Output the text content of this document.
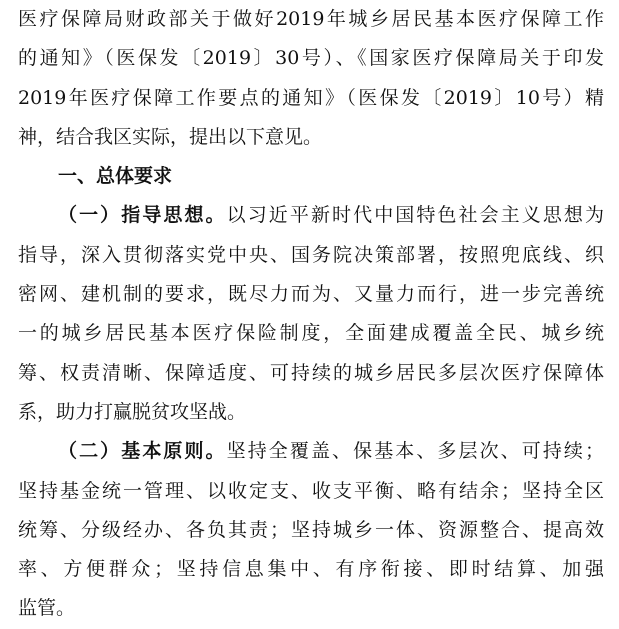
医疗保障局财政部关于做好2019年城乡居民基本医疗保障工作
的通知》（医保发〔2019〕30号）、《国家医疗保障局关于印发
2019年医疗保障工作要点的通知》（医保发〔2019〕10号）精
神，结合我区实际，提出以下意见。
一、总体要求
（一）指导思想。以习近平新时代中国特色社会主义思想为
指导，深入贯彻落实党中央、国务院决策部署，按照兜底线、织
密网、建机制的要求，既尽力而为、又量力而行，进一步完善统
一的城乡居民基本医疗保险制度，全面建成覆盖全民、城乡统
筹、权责清晰、保障适度、可持续的城乡居民多层次医疗保障体
系，助力打赢脱贫攻坚战。
（二）基本原则。坚持全覆盖、保基本、多层次、可持续；
坚持基金统一管理、以收定支、收支平衡、略有结余；坚持全区
统筹、分级经办、各负其责；坚持城乡一体、资源整合、提高效
率、方便群众；坚持信息集中、有序衔接、即时结算、加强
监管。
